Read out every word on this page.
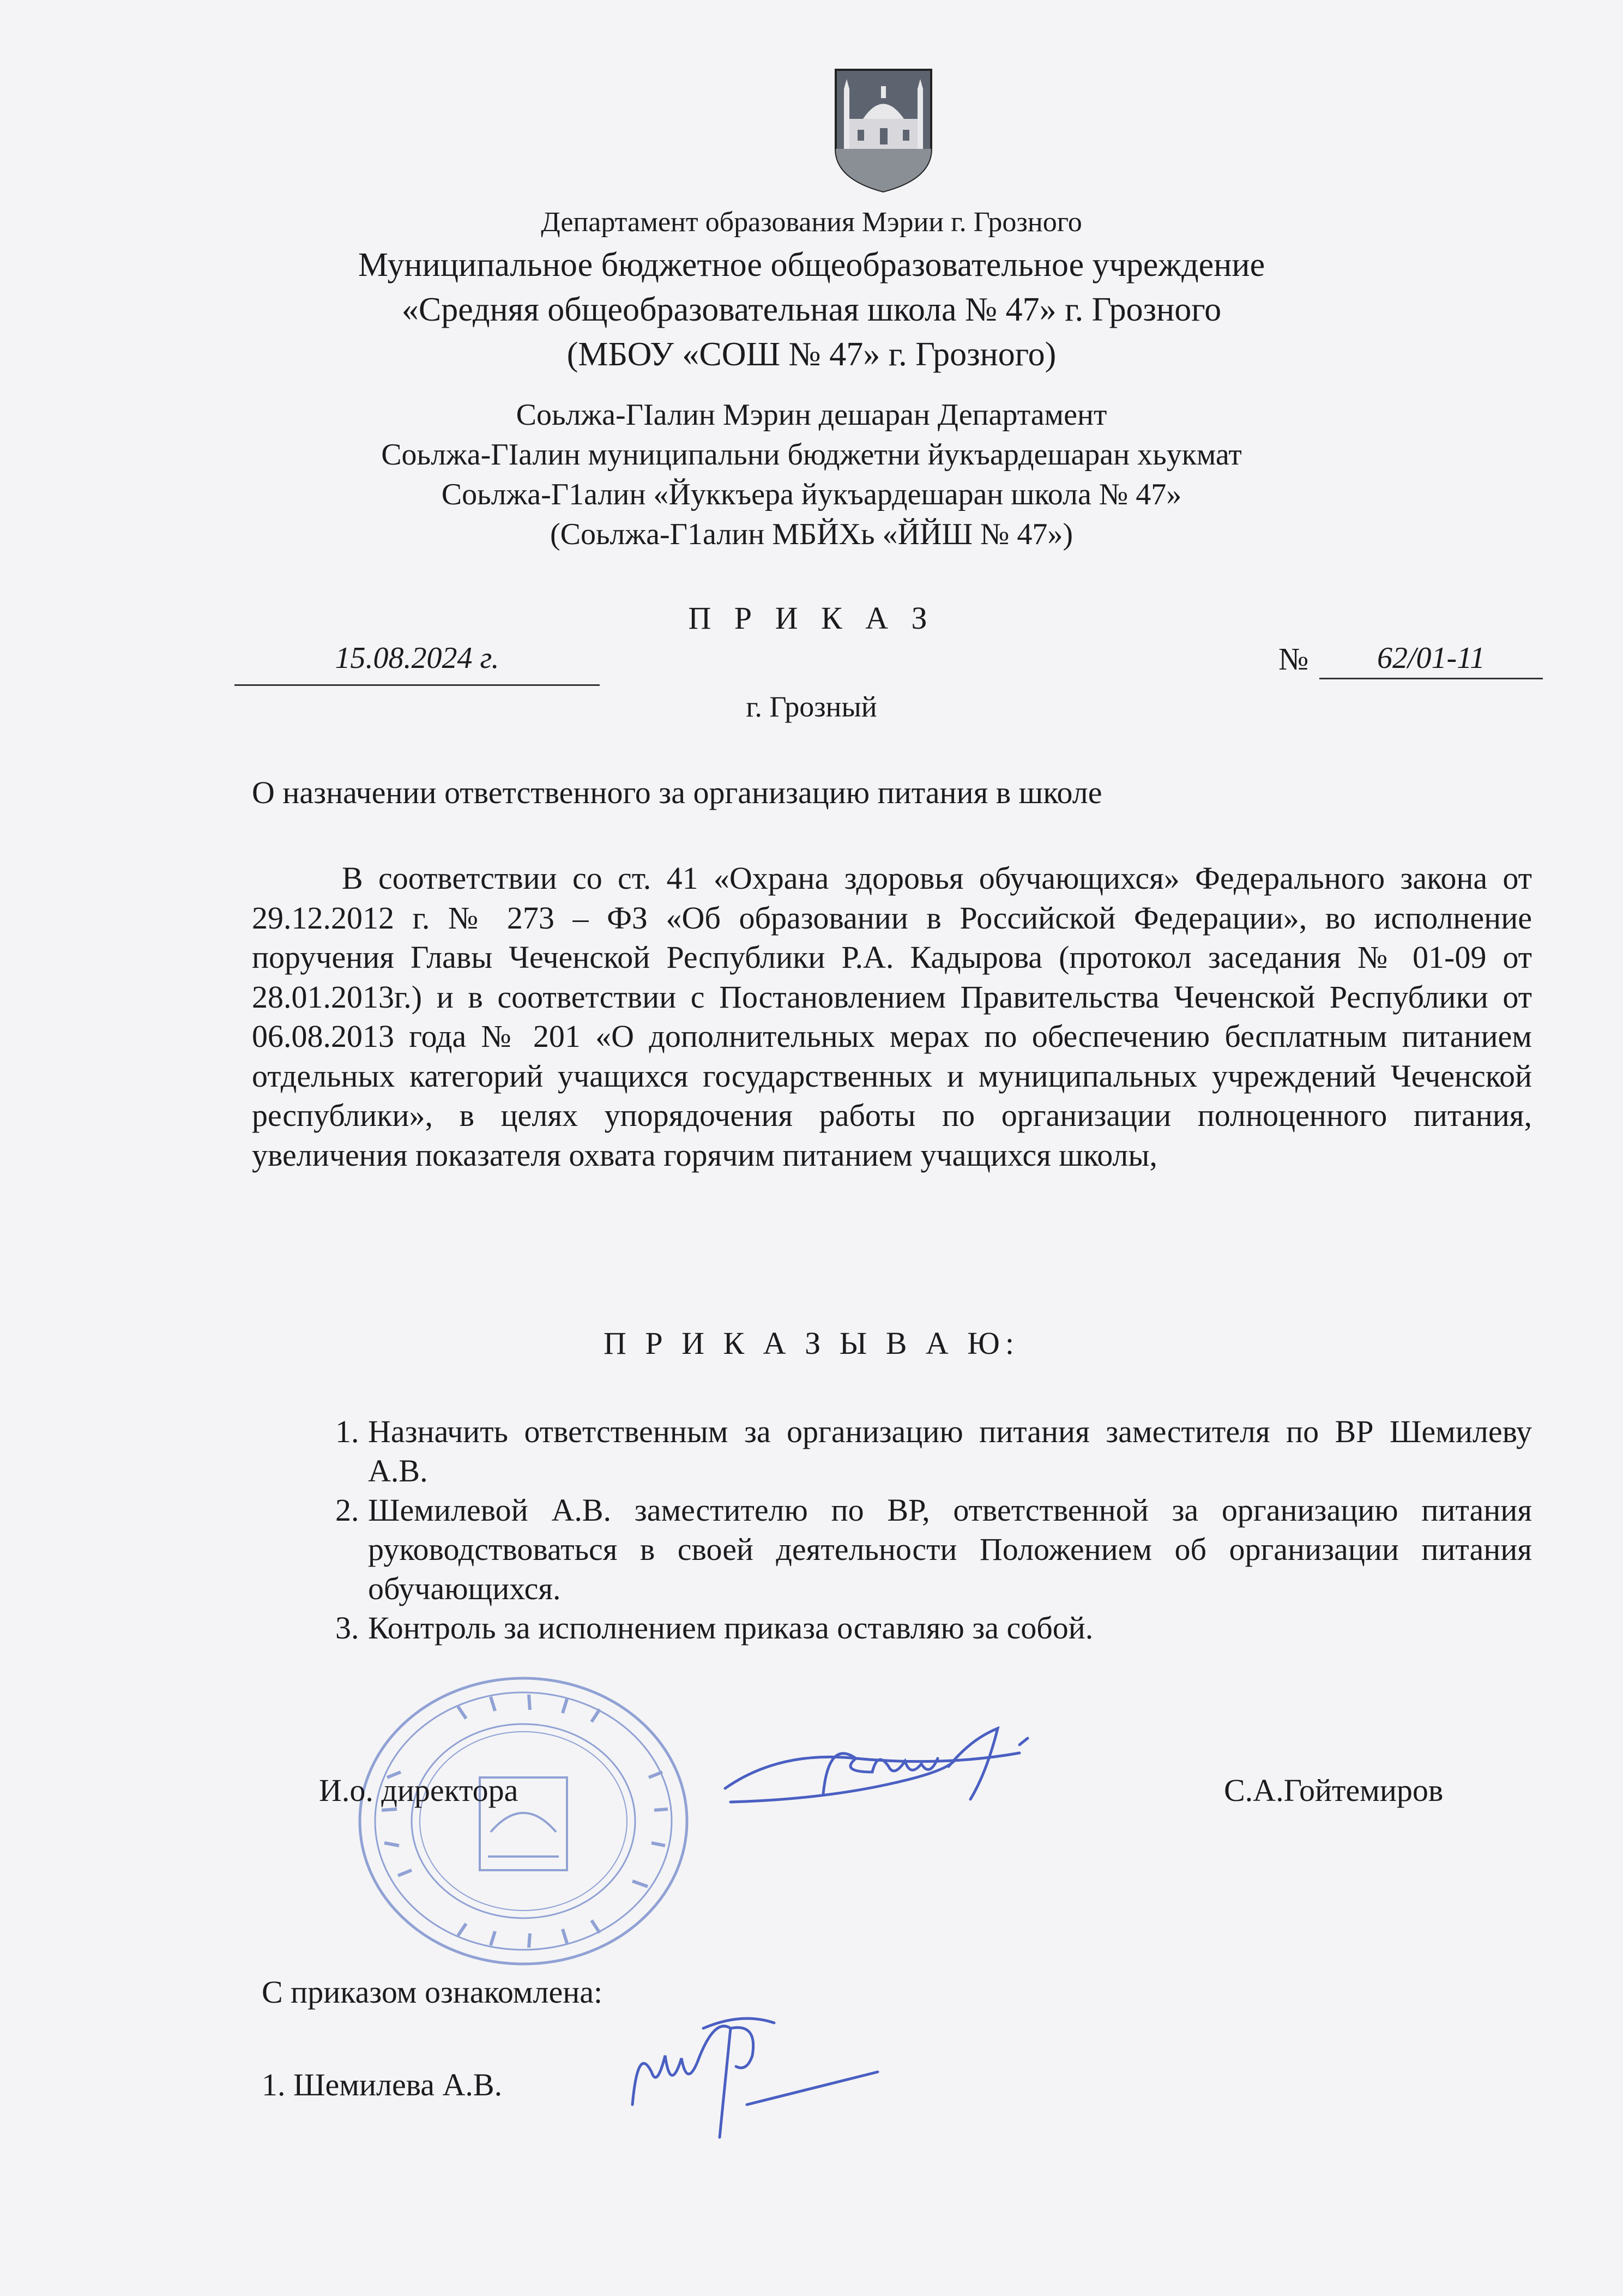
Департамент образования Мэрии г. Грозного
Муниципальное бюджетное общеобразовательное учреждение
«Средняя общеобразовательная школа № 47» г. Грозного
(МБОУ «СОШ № 47» г. Грозного)
Соьлжа-ГӀалин Мэрин дешаран Департамент
Соьлжа-ГӀалин муниципальни бюджетни йукъардешаран хьукмат
Соьлжа-Г1алин «Йуккъера йукъардешаран школа № 47»
(Соьлжа-Г1алин МБЙХь «ЙЙШ № 47»)
П Р И К А З
15.08.2024 г.	№	62/01-11
г. Грозный
О назначении ответственного за организацию питания в школе
В соответствии со ст. 41 «Охрана здоровья обучающихся» Федерального закона от 29.12.2012 г. № 273 – ФЗ «Об образовании в Российской Федерации», во исполнение поручения Главы Чеченской Республики Р.А. Кадырова (протокол заседания № 01-09 от 28.01.2013г.) и в соответствии с Постановлением Правительства Чеченской Республики от 06.08.2013 года № 201 «О дополнительных мерах по обеспечению бесплатным питанием отдельных категорий учащихся государственных и муниципальных учреждений Чеченской республики», в целях упорядочения работы по организации полноценного питания, увеличения показателя охвата горячим питанием учащихся школы,
П Р И К А З Ы В А Ю:
1. Назначить ответственным за организацию питания заместителя по ВР Шемилеву А.В.
2. Шемилевой А.В. заместителю по ВР, ответственной за организацию питания руководствоваться в своей деятельности Положением об организации питания обучающихся.
3. Контроль за исполнением приказа оставляю за собой.
И.о. директора	С.А.Гойтемиров
С приказом ознакомлена:
1. Шемилева А.В.
